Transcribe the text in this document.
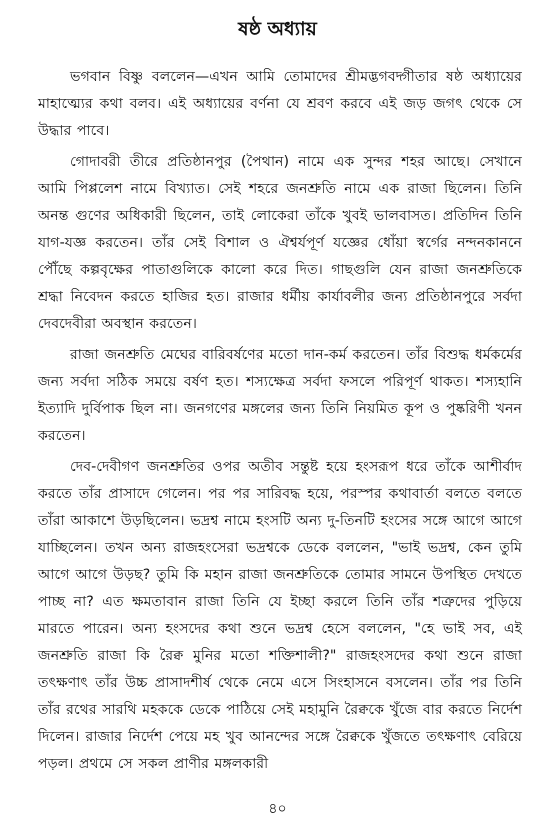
ষষ্ঠ অধ্যায়

ভগবান বিষ্ণু বললেন—এখন আমি তোমাদের শ্রীমদ্ভগবদ্গীতার ষষ্ঠ অধ্যায়ের মাহাত্ম্যের কথা বলব। এই অধ্যায়ের বর্ণনা যে শ্রবণ করবে এই জড় জগৎ থেকে সে উদ্ধার পাবে।

গোদাবরী তীরে প্রতিষ্ঠানপুর (পৈথান) নামে এক সুন্দর শহর আছে। সেখানে আমি পিপ্পলেশ নামে বিখ্যাত। সেই শহরে জনশ্রুতি নামে এক রাজা ছিলেন। তিনি অনন্ত গুণের অধিকারী ছিলেন, তাই লোকেরা তাঁকে খুবই ভালবাসত। প্রতিদিন তিনি যাগ-যজ্ঞ করতেন। তাঁর সেই বিশাল ও ঐশ্বর্যপূর্ণ যজ্ঞের ধোঁয়া স্বর্গের নন্দনকাননে পৌঁছে কল্পবৃক্ষের পাতাগুলিকে কালো করে দিত। গাছগুলি যেন রাজা জনশ্রুতিকে শ্রদ্ধা নিবেদন করতে হাজির হত। রাজার ধর্মীয় কার্যাবলীর জন্য প্রতিষ্ঠানপুরে সর্বদা দেবদেবীরা অবস্থান করতেন।

রাজা জনশ্রুতি মেঘের বারিবর্ষণের মতো দান-কর্ম করতেন। তাঁর বিশুদ্ধ ধর্মকর্মের জন্য সর্বদা সঠিক সময়ে বর্ষণ হত। শস্যক্ষেত্র সর্বদা ফসলে পরিপূর্ণ থাকত। শস্যহানি ইত্যাদি দুর্বিপাক ছিল না। জনগণের মঙ্গলের জন্য তিনি নিয়মিত কূপ ও পুষ্করিণী খনন করতেন।

দেব-দেবীগণ জনশ্রুতির ওপর অতীব সন্তুষ্ট হয়ে হংসরূপ ধরে তাঁকে আশীর্বাদ করতে তাঁর প্রাসাদে গেলেন। পর পর সারিবদ্ধ হয়ে, পরস্পর কথাবার্তা বলতে বলতে তাঁরা আকাশে উড়ছিলেন। ভদ্রশ্ব নামে হংসটি অন্য দু-তিনটি হংসের সঙ্গে আগে আগে যাচ্ছিলেন। তখন অন্য রাজহংসেরা ভদ্রশ্বকে ডেকে বললেন, "ভাই ভদ্রশ্ব, কেন তুমি আগে আগে উড়ছ? তুমি কি মহান রাজা জনশ্রুতিকে তোমার সামনে উপস্থিত দেখতে পাচ্ছ না? এত ক্ষমতাবান রাজা তিনি যে ইচ্ছা করলে তিনি তাঁর শত্রুদের পুড়িয়ে মারতে পারেন। অন্য হংসদের কথা শুনে ভদ্রশ্ব হেসে বললেন, "হে ভাই সব, এই জনশ্রুতি রাজা কি রৈক্ব মুনির মতো শক্তিশালী?" রাজহংসদের কথা শুনে রাজা তৎক্ষণাৎ তাঁর উচ্চ প্রাসাদশীর্ষ থেকে নেমে এসে সিংহাসনে বসলেন। তাঁর পর তিনি তাঁর রথের সারথি মহককে ডেকে পাঠিয়ে সেই মহামুনি রৈক্বকে খুঁজে বার করতে নির্দেশ দিলেন। রাজার নির্দেশ পেয়ে মহ খুব আনন্দের সঙ্গে রৈক্বকে খুঁজতে তৎক্ষণাৎ বেরিয়ে পড়ল। প্রথমে সে সকল প্রাণীর মঙ্গলকারী

৪০
